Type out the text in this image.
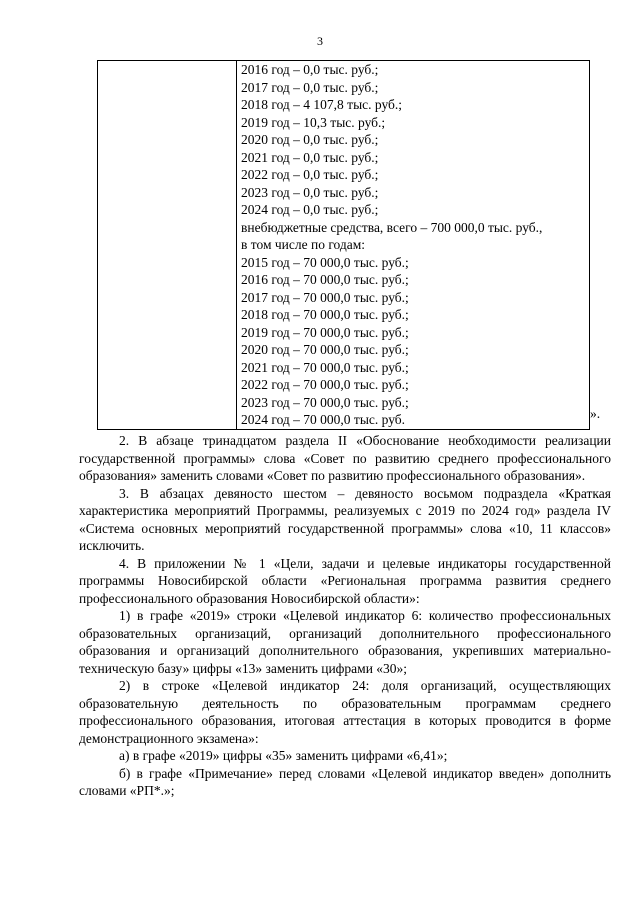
3

2016 год – 0,0 тыс. руб.;
2017 год – 0,0 тыс. руб.;
2018 год – 4 107,8 тыс. руб.;
2019 год – 10,3 тыс. руб.;
2020 год – 0,0 тыс. руб.;
2021 год – 0,0 тыс. руб.;
2022 год – 0,0 тыс. руб.;
2023 год – 0,0 тыс. руб.;
2024 год – 0,0 тыс. руб.;
внебюджетные средства, всего – 700 000,0 тыс. руб.,
в том числе по годам:
2015 год – 70 000,0 тыс. руб.;
2016 год – 70 000,0 тыс. руб.;
2017 год – 70 000,0 тыс. руб.;
2018 год – 70 000,0 тыс. руб.;
2019 год – 70 000,0 тыс. руб.;
2020 год – 70 000,0 тыс. руб.;
2021 год – 70 000,0 тыс. руб.;
2022 год – 70 000,0 тыс. руб.;
2023 год – 70 000,0 тыс. руб.;
2024 год – 70 000,0 тыс. руб.	».

2. В абзаце тринадцатом раздела II «Обоснование необходимости реализации государственной программы» слова «Совет по развитию среднего профессионального образования» заменить словами «Совет по развитию профессионального образования».

3. В абзацах девяносто шестом – девяносто восьмом подраздела «Краткая характеристика мероприятий Программы, реализуемых с 2019 по 2024 год» раздела IV «Система основных мероприятий государственной программы» слова «10, 11 классов» исключить.

4. В приложении № 1 «Цели, задачи и целевые индикаторы государственной программы Новосибирской области «Региональная программа развития среднего профессионального образования Новосибирской области»:

1) в графе «2019» строки «Целевой индикатор 6: количество профессиональных образовательных организаций, организаций дополнительного профессионального образования и организаций дополнительного образования, укрепивших материально-техническую базу» цифры «13» заменить цифрами «30»;

2) в строке «Целевой индикатор 24: доля организаций, осуществляющих образовательную деятельность по образовательным программам среднего профессионального образования, итоговая аттестация в которых проводится в форме демонстрационного экзамена»:

а) в графе «2019» цифры «35» заменить цифрами «6,41»;

б) в графе «Примечание» перед словами «Целевой индикатор введен» дополнить словами «РП*.»;
